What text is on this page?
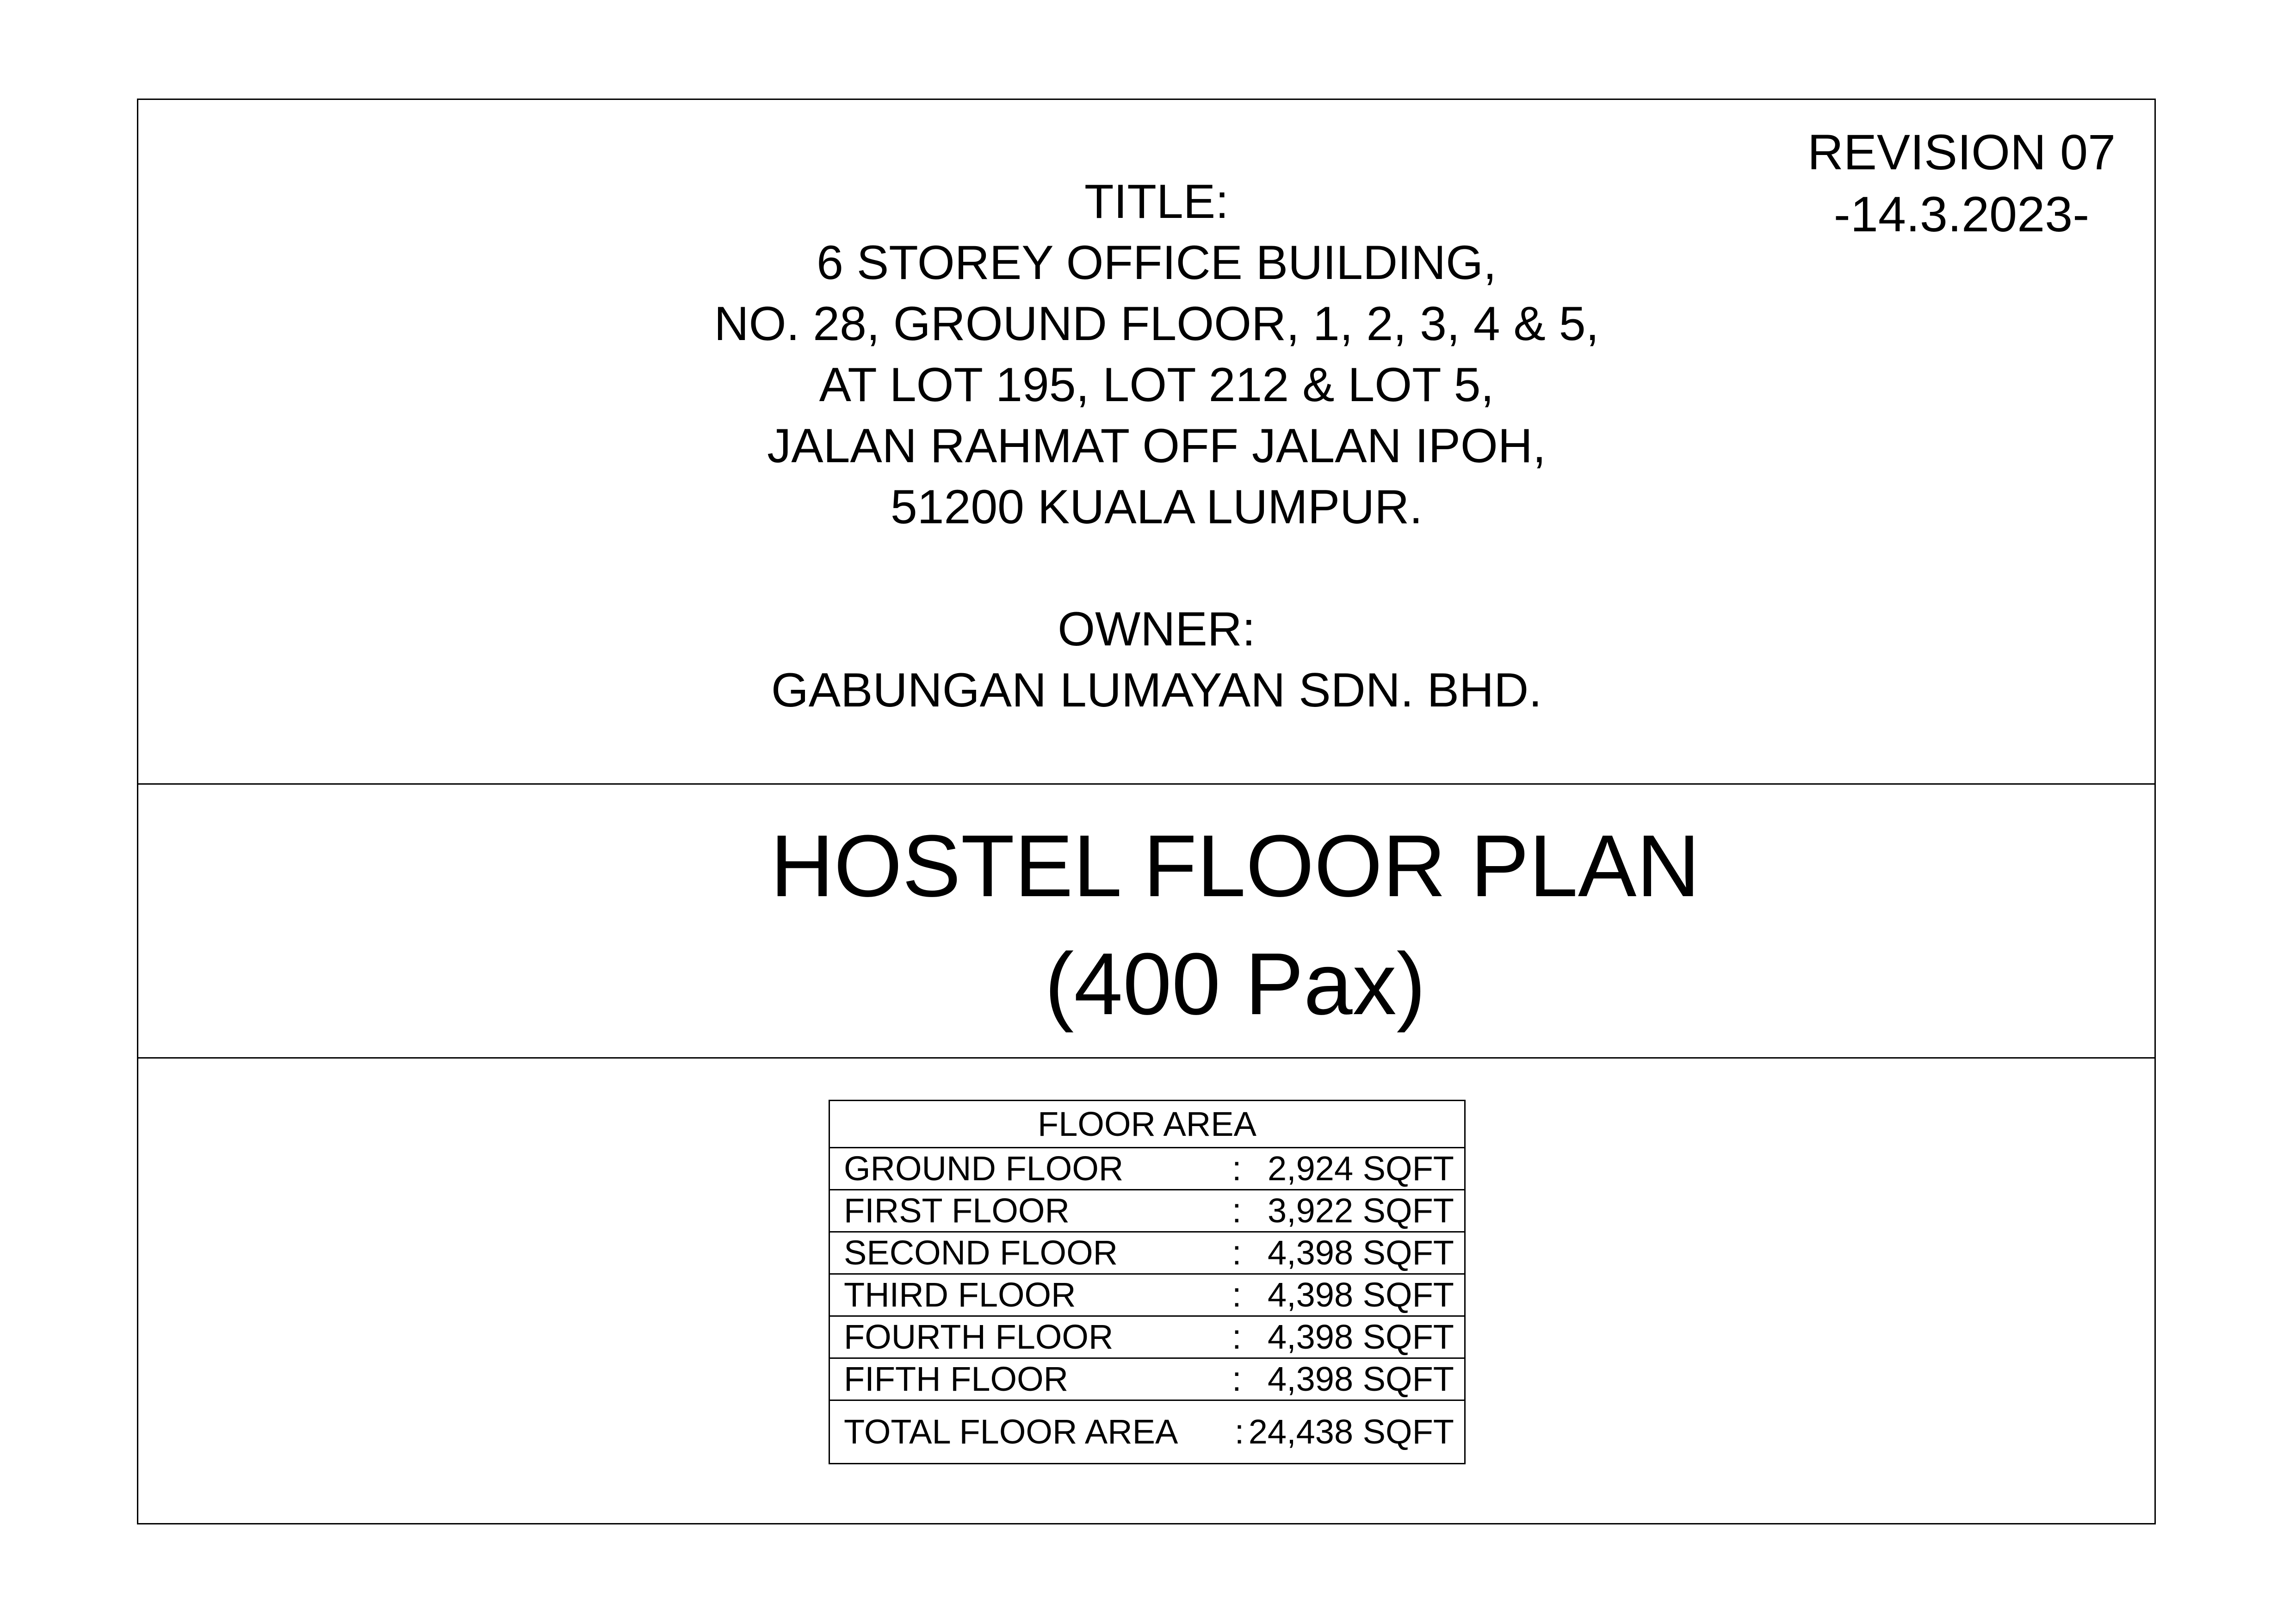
REVISION 07
-14.3.2023-
TITLE:
6 STOREY OFFICE BUILDING,
NO. 28, GROUND FLOOR, 1, 2, 3, 4 & 5,
AT LOT 195, LOT 212 & LOT 5,
JALAN RAHMAT OFF JALAN IPOH,
51200 KUALA LUMPUR.
OWNER:
GABUNGAN LUMAYAN SDN. BHD.
HOSTEL FLOOR PLAN
(400 Pax)
FLOOR AREA

GROUND FLOOR	: 2,924 SQFT

FIRST FLOOR	: 3,922 SQFT

SECOND FLOOR	: 4,398 SQFT

THIRD FLOOR	: 4,398 SQFT

FOURTH FLOOR	: 4,398 SQFT

FIFTH FLOOR	: 4,398 SQFT

TOTAL FLOOR AREA : 24,438 SQFT
